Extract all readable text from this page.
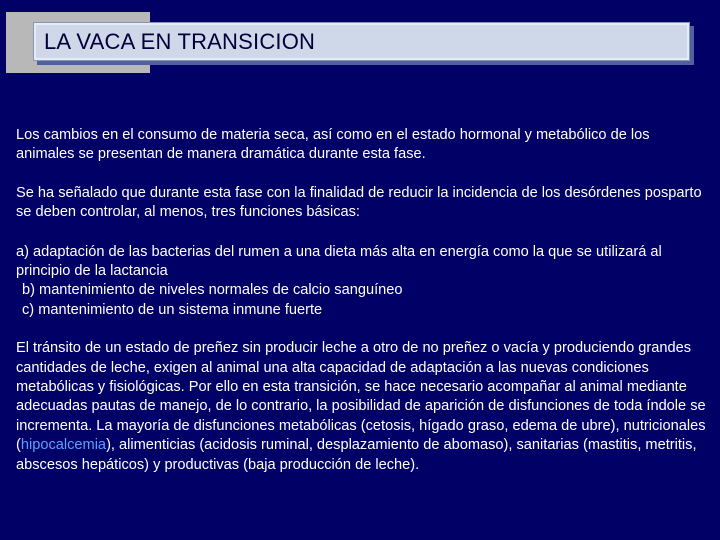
LA VACA EN TRANSICION

Los cambios en el consumo de materia seca, así como en el estado hormonal y metabólico de los animales se presentan de manera dramática durante esta fase.

Se ha señalado que durante esta fase con la finalidad de reducir la incidencia de los desórdenes posparto se deben controlar, al menos, tres funciones básicas:

a) adaptación de las bacterias del rumen a una dieta más alta en energía como la que se utilizará al principio de la lactancia
b) mantenimiento de niveles normales de calcio sanguíneo
c) mantenimiento de un sistema inmune fuerte

El tránsito de un estado de preñez sin producir leche a otro de no preñez o vacía y produciendo grandes cantidades de leche, exigen al animal una alta capacidad de adaptación a las nuevas condiciones metabólicas y fisiológicas. Por ello en esta transición, se hace necesario acompañar al animal mediante adecuadas pautas de manejo, de lo contrario, la posibilidad de aparición de disfunciones de toda índole se incrementa. La mayoría de disfunciones metabólicas (cetosis, hígado graso, edema de ubre), nutricionales (hipocalcemia), alimenticias (acidosis ruminal, desplazamiento de abomaso), sanitarias (mastitis, metritis, abscesos hepáticos) y productivas (baja producción de leche).
